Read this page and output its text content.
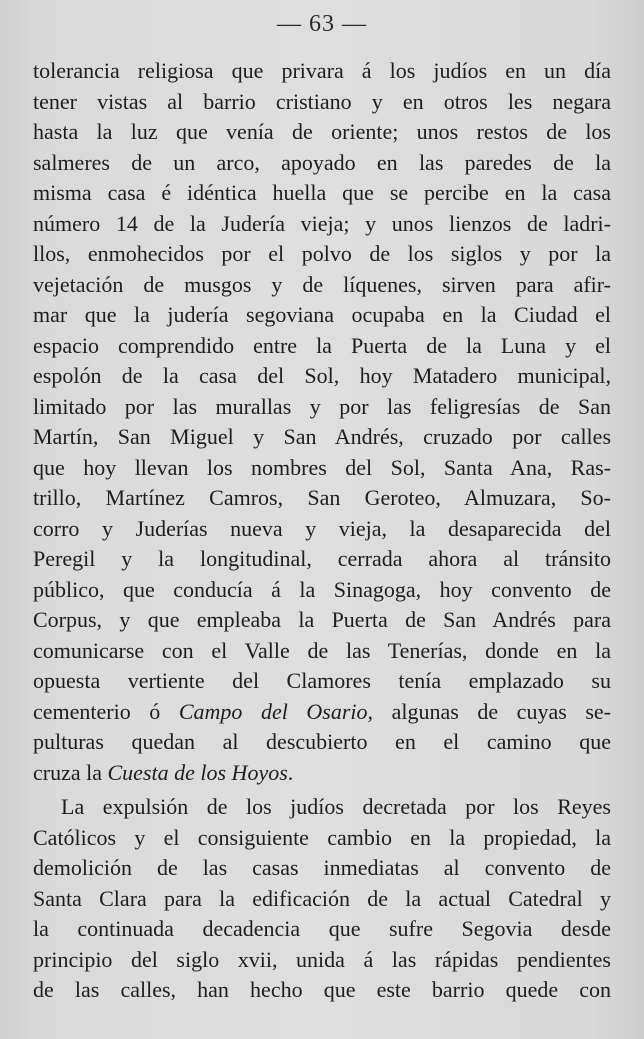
— 63 —
tolerancia religiosa que privara á los judíos en un día
tener vistas al barrio cristiano y en otros les negara
hasta la luz que venía de oriente; unos restos de los
salmeres de un arco, apoyado en las paredes de la
misma casa é idéntica huella que se percibe en la casa
número 14 de la Judería vieja; y unos lienzos de ladri-
llos, enmohecidos por el polvo de los siglos y por la
vejetación de musgos y de líquenes, sirven para afir-
mar que la judería segoviana ocupaba en la Ciudad el
espacio comprendido entre la Puerta de la Luna y el
espolón de la casa del Sol, hoy Matadero municipal,
limitado por las murallas y por las feligresías de San
Martín, San Miguel y San Andrés, cruzado por calles
que hoy llevan los nombres del Sol, Santa Ana, Ras-
trillo, Martínez Camros, San Geroteo, Almuzara, So-
corro y Juderías nueva y vieja, la desaparecida del
Peregil y la longitudinal, cerrada ahora al tránsito
público, que conducía á la Sinagoga, hoy convento de
Corpus, y que empleaba la Puerta de San Andrés para
comunicarse con el Valle de las Tenerías, donde en la
opuesta vertiente del Clamores tenía emplazado su
cementerio ó Campo del Osario, algunas de cuyas se-
pulturas quedan al descubierto en el camino que
cruza la Cuesta de los Hoyos.
La expulsión de los judíos decretada por los Reyes
Católicos y el consiguiente cambio en la propiedad, la
demolición de las casas inmediatas al convento de
Santa Clara para la edificación de la actual Catedral y
la continuada decadencia que sufre Segovia desde
principio del siglo xvii, unida á las rápidas pendientes
de las calles, han hecho que este barrio quede con
